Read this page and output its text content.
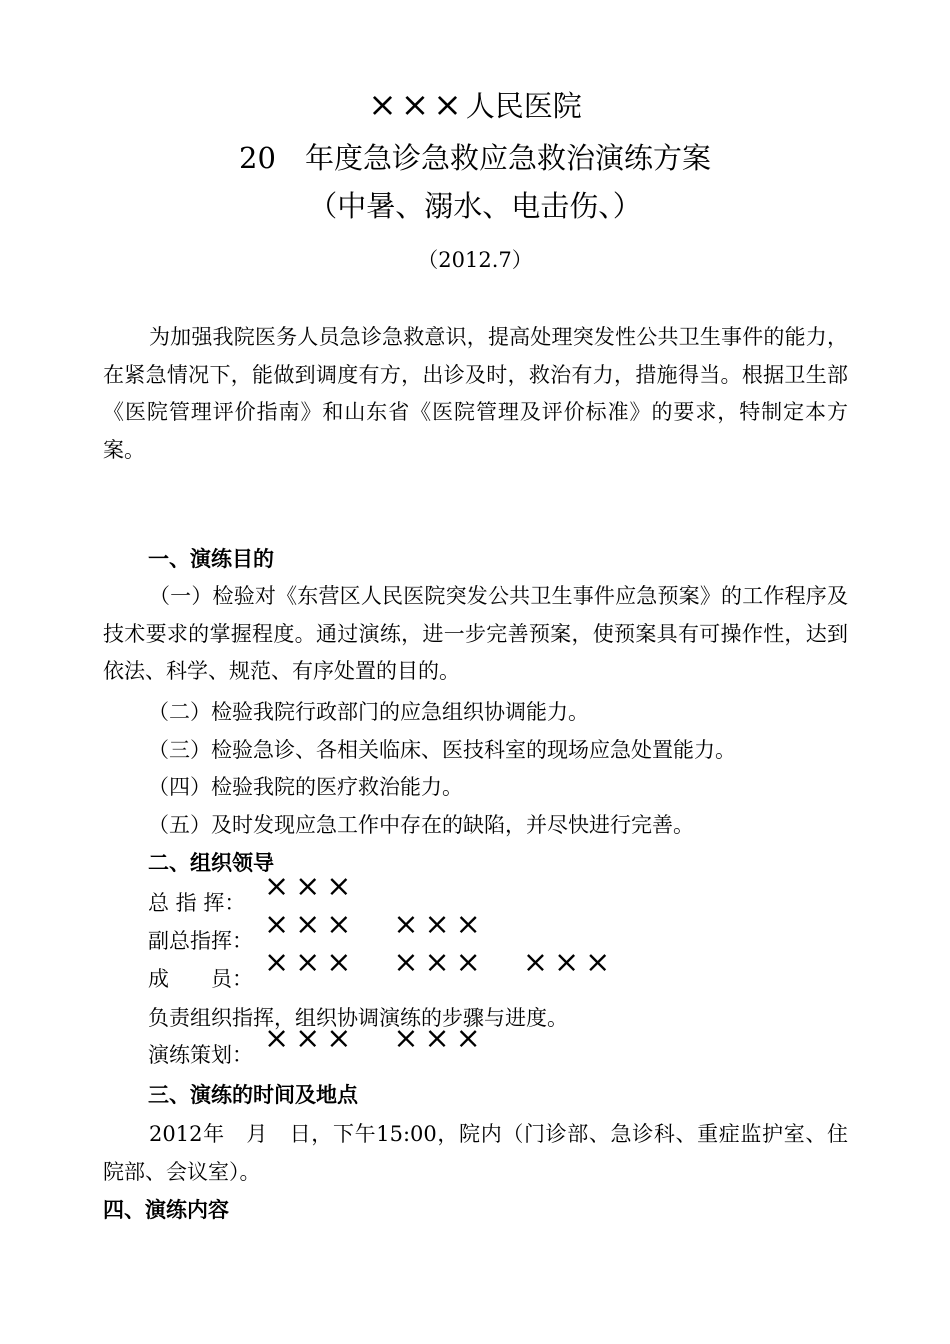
×××人民医院
20　年度急诊急救应急救治演练方案
（中暑、溺水、电击伤、）
（2012.7）
为加强我院医务人员急诊急救意识，提高处理突发性公共卫生事件的能力，在紧急情况下，能做到调度有方，出诊及时，救治有力，措施得当。根据卫生部《医院管理评价指南》和山东省《医院管理及评价标准》的要求，特制定本方案。
一、演练目的
（一）检验对《东营区人民医院突发公共卫生事件应急预案》的工作程序及技术要求的掌握程度。通过演练，进一步完善预案，使预案具有可操作性，达到依法、科学、规范、有序处置的目的。
（二）检验我院行政部门的应急组织协调能力。
（三）检验急诊、各相关临床、医技科室的现场应急处置能力。
（四）检验我院的医疗救治能力。
（五）及时发现应急工作中存在的缺陷，并尽快进行完善。
二、组织领导
总 指 挥： ×××
副总指挥： ×××　×××
成　　员： ×××　×××　×××
负责组织指挥，组织协调演练的步骤与进度。
演练策划： ×××　×××
三、演练的时间及地点
2012年　月　日，下午15:00，院内（门诊部、急诊科、重症监护室、住院部、会议室）。
四、演练内容
